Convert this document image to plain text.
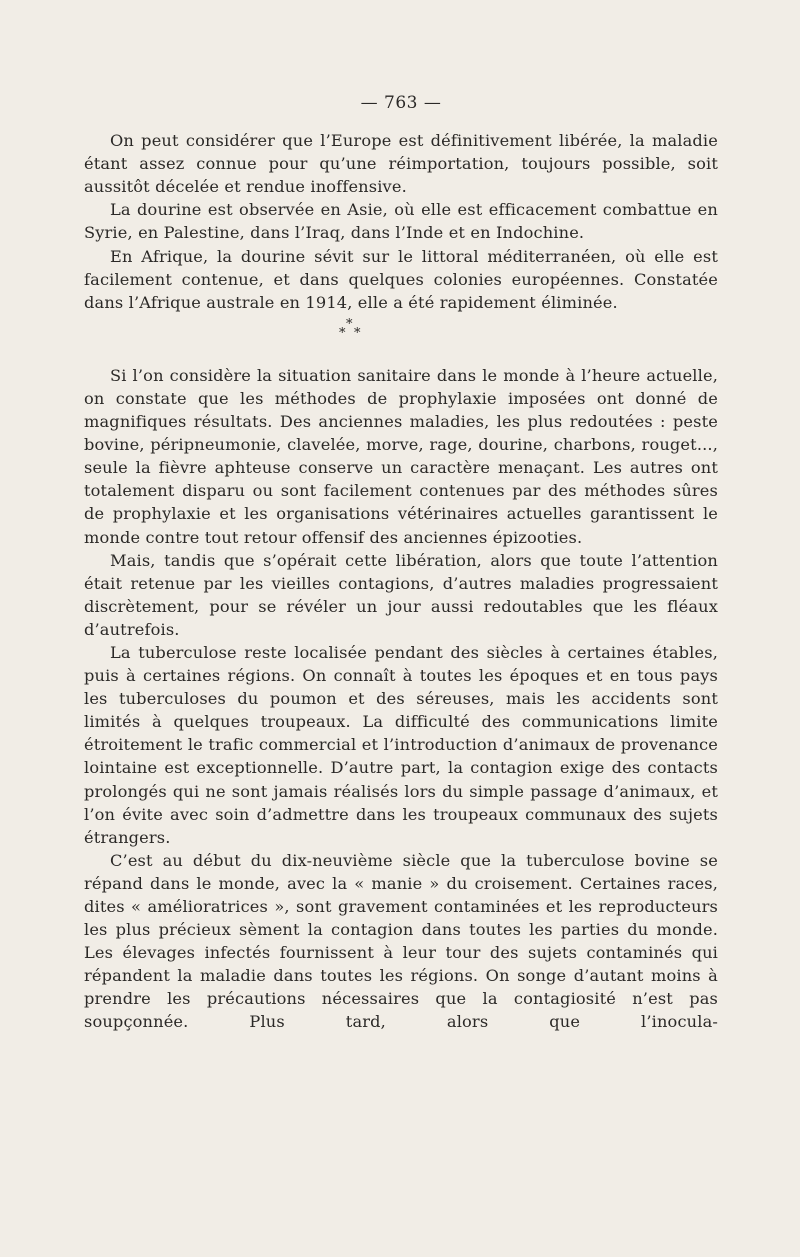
— 763 —

On peut considérer que l’Europe est définitivement libérée, la maladie étant assez connue pour qu’une réimportation, toujours possible, soit aussitôt décelée et rendue inoffensive.

La dourine est observée en Asie, où elle est efficacement combattue en Syrie, en Palestine, dans l’Iraq, dans l’Inde et en Indochine.

En Afrique, la dourine sévit sur le littoral méditerranéen, où elle est facilement contenue, et dans quelques colonies européennes. Constatée dans l’Afrique australe en 1914, elle a été rapidement éliminée.

*
* *

Si l’on considère la situation sanitaire dans le monde à l’heure actuelle, on constate que les méthodes de prophylaxie imposées ont donné de magnifiques résultats. Des anciennes maladies, les plus redoutées : peste bovine, péripneumonie, clavelée, morve, rage, dourine, charbons, rouget..., seule la fièvre aphteuse conserve un caractère menaçant. Les autres ont totalement disparu ou sont facilement contenues par des méthodes sûres de prophylaxie et les organisations vétérinaires actuelles garantissent le monde contre tout retour offensif des anciennes épizooties.

Mais, tandis que s’opérait cette libération, alors que toute l’attention était retenue par les vieilles contagions, d’autres maladies progressaient discrètement, pour se révéler un jour aussi redoutables que les fléaux d’autrefois.

La tuberculose reste localisée pendant des siècles à certaines étables, puis à certaines régions. On connaît à toutes les époques et en tous pays les tuberculoses du poumon et des séreuses, mais les accidents sont limités à quelques troupeaux. La difficulté des communications limite étroitement le trafic commercial et l’introduction d’animaux de provenance lointaine est exceptionnelle. D’autre part, la contagion exige des contacts prolongés qui ne sont jamais réalisés lors du simple passage d’animaux, et l’on évite avec soin d’admettre dans les troupeaux communaux des sujets étrangers.

C’est au début du dix-neuvième siècle que la tuberculose bovine se répand dans le monde, avec la « manie » du croisement. Certaines races, dites « amélioratrices », sont gravement contaminées et les reproducteurs les plus précieux sèment la contagion dans toutes les parties du monde. Les élevages infectés fournissent à leur tour des sujets contaminés qui répandent la maladie dans toutes les régions. On songe d’autant moins à prendre les précautions nécessaires que la contagiosité n’est pas soupçonnée. Plus tard, alors que l’inocula-
